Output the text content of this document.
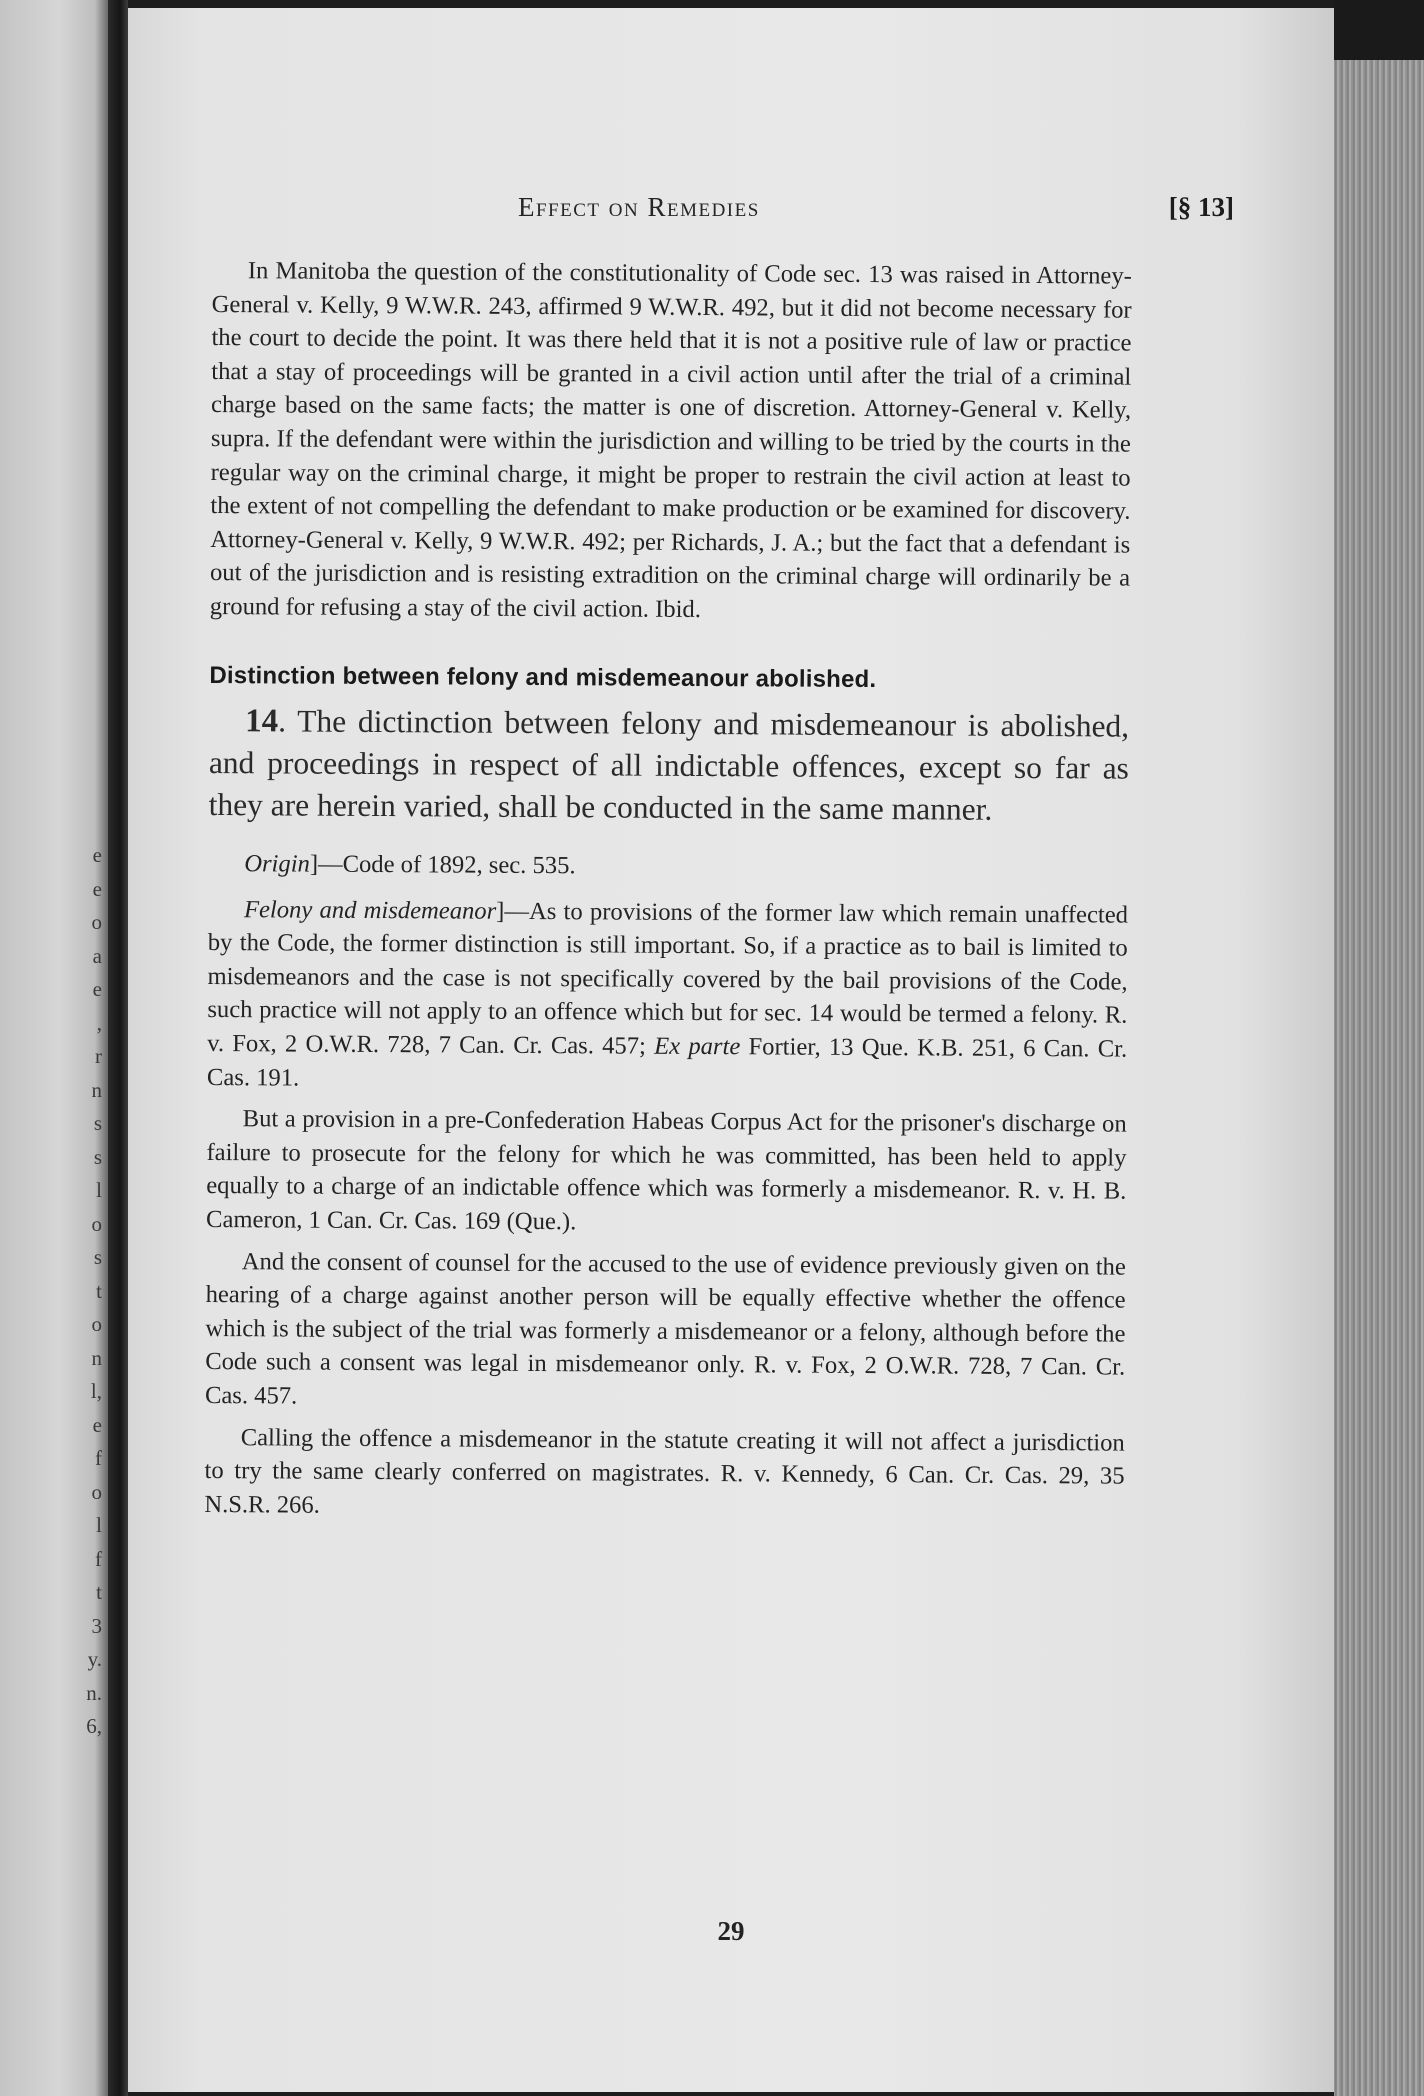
e
e
o
a
e
,
r
n
s
s
l
o
s
t
o
n
l,
e
f
o
l
f
t
3
y.
n.
6,
Effect on Remedies	[§ 13]

In Manitoba the question of the constitutionality of Code sec. 13 was raised in Attorney-General v. Kelly, 9 W.W.R. 243, affirmed 9 W.W.R. 492, but it did not become necessary for the court to decide the point. It was there held that it is not a positive rule of law or practice that a stay of proceedings will be granted in a civil action until after the trial of a criminal charge based on the same facts; the matter is one of discretion. Attorney-General v. Kelly, supra. If the defendant were within the jurisdiction and willing to be tried by the courts in the regular way on the criminal charge, it might be proper to restrain the civil action at least to the extent of not compelling the defendant to make production or be examined for discovery. Attorney-General v. Kelly, 9 W.W.R. 492; per Richards, J. A.; but the fact that a defendant is out of the jurisdiction and is resisting extradition on the criminal charge will ordinarily be a ground for refusing a stay of the civil action. Ibid.

Distinction between felony and misdemeanour abolished.

14. The dictinction between felony and misdemeanour is abolished, and proceedings in respect of all indictable offences, except so far as they are herein varied, shall be conducted in the same manner.

Origin]—Code of 1892, sec. 535.

Felony and misdemeanor]—As to provisions of the former law which remain unaffected by the Code, the former distinction is still important. So, if a practice as to bail is limited to misdemeanors and the case is not specifically covered by the bail provisions of the Code, such practice will not apply to an offence which but for sec. 14 would be termed a felony. R. v. Fox, 2 O.W.R. 728, 7 Can. Cr. Cas. 457; Ex parte Fortier, 13 Que. K.B. 251, 6 Can. Cr. Cas. 191.

But a provision in a pre-Confederation Habeas Corpus Act for the prisoner's discharge on failure to prosecute for the felony for which he was committed, has been held to apply equally to a charge of an indictable offence which was formerly a misdemeanor. R. v. H. B. Cameron, 1 Can. Cr. Cas. 169 (Que.).

And the consent of counsel for the accused to the use of evidence previously given on the hearing of a charge against another person will be equally effective whether the offence which is the subject of the trial was formerly a misdemeanor or a felony, although before the Code such a consent was legal in misdemeanor only. R. v. Fox, 2 O.W.R. 728, 7 Can. Cr. Cas. 457.

Calling the offence a misdemeanor in the statute creating it will not affect a jurisdiction to try the same clearly conferred on magistrates. R. v. Kennedy, 6 Can. Cr. Cas. 29, 35 N.S.R. 266.

29
